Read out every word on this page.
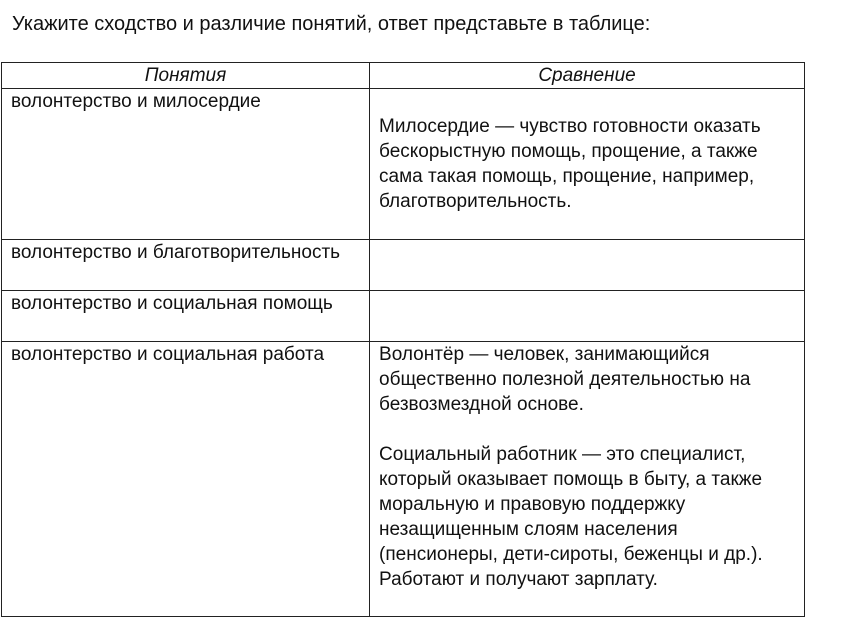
Укажите сходство и различие понятий, ответ представьте в таблице:
Понятия	Сравнение

волонтерство и милосердие	Милосердие — чувство готовности оказать бескорыстную помощь, прощение, а также сама такая помощь, прощение, например, благотворительность.

волонтерство и благотворительность	

волонтерство и социальная помощь	

волонтерство и социальная работа	Волонтёр — человек, занимающийся общественно полезной деятельностью на безвозмездной основе.
Социальный работник — это специалист, который оказывает помощь в быту, а также моральную и правовую поддержку незащищенным слоям населения (пенсионеры, дети-сироты, беженцы и др.). Работают и получают зарплату.
